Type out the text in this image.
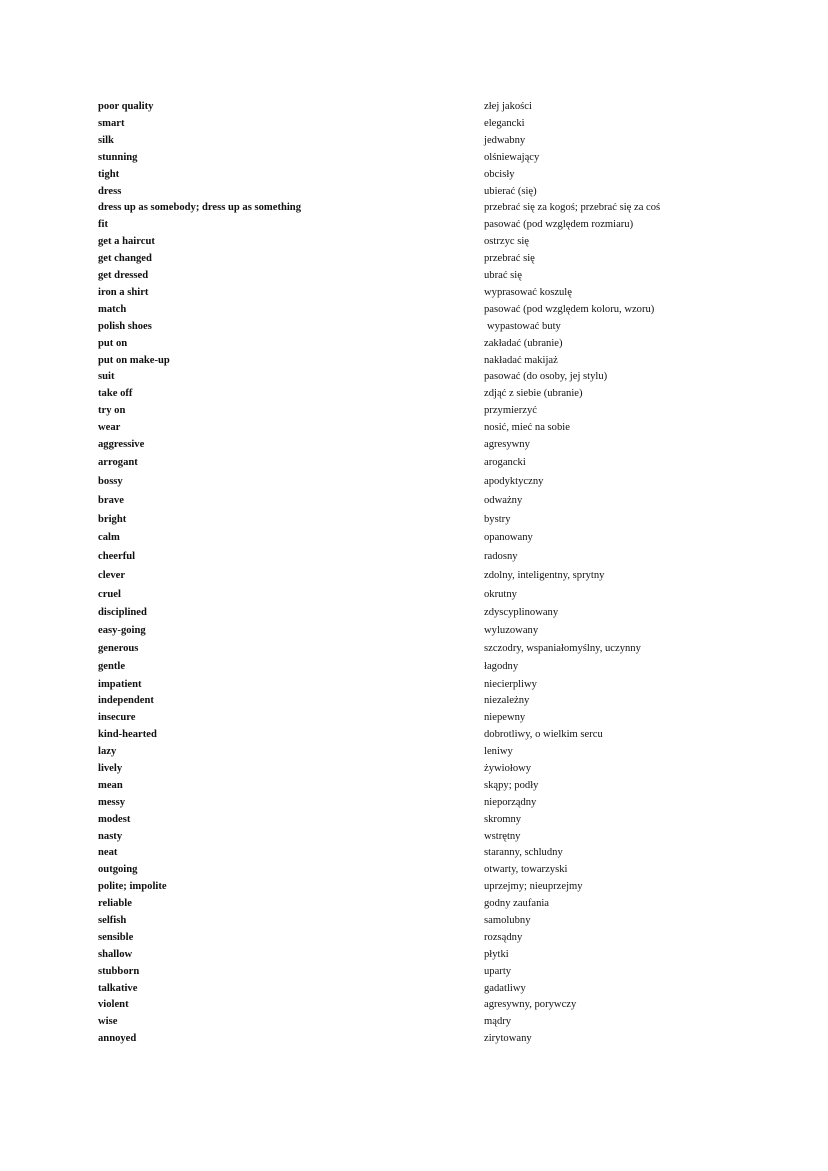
poor quality	złej jakości
smart	elegancki
silk	jedwabny
stunning	olśniewający
tight	obcisły
dress	ubierać (się)
dress up as somebody; dress up as something	przebrać się za kogoś; przebrać się za coś
fit	pasować (pod względem rozmiaru)
get a haircut	ostrzyc się
get changed	przebrać się
get dressed	ubrać się
iron a shirt	wyprasować koszulę
match	pasować (pod względem koloru, wzoru)
polish shoes	wypastować buty
put on	zakładać (ubranie)
put on make-up	nakładać makijaż
suit	pasować (do osoby, jej stylu)
take off	zdjąć z siebie (ubranie)
try on	przymierzyć
wear	nosić, mieć na sobie
aggressive	agresywny
arrogant	arogancki
bossy	apodyktyczny
brave	odważny
bright	bystry
calm	opanowany
cheerful	radosny
clever	zdolny, inteligentny, sprytny
cruel	okrutny
disciplined	zdyscyplinowany
easy-going	wyluzowany
generous	szczodry, wspaniałomyślny, uczynny
gentle	łagodny
impatient	niecierpliwy
independent	niezależny
insecure	niepewny
kind-hearted	dobrotliwy, o wielkim sercu
lazy	leniwy
lively	żywiołowy
mean	skąpy; podły
messy	nieporządny
modest	skromny
nasty	wstrętny
neat	staranny, schludny
outgoing	otwarty, towarzyski
polite; impolite	uprzejmy; nieuprzejmy
reliable	godny zaufania
selfish	samolubny
sensible	rozsądny
shallow	płytki
stubborn	uparty
talkative	gadatliwy
violent	agresywny, porywczy
wise	mądry
annoyed	zirytowany
